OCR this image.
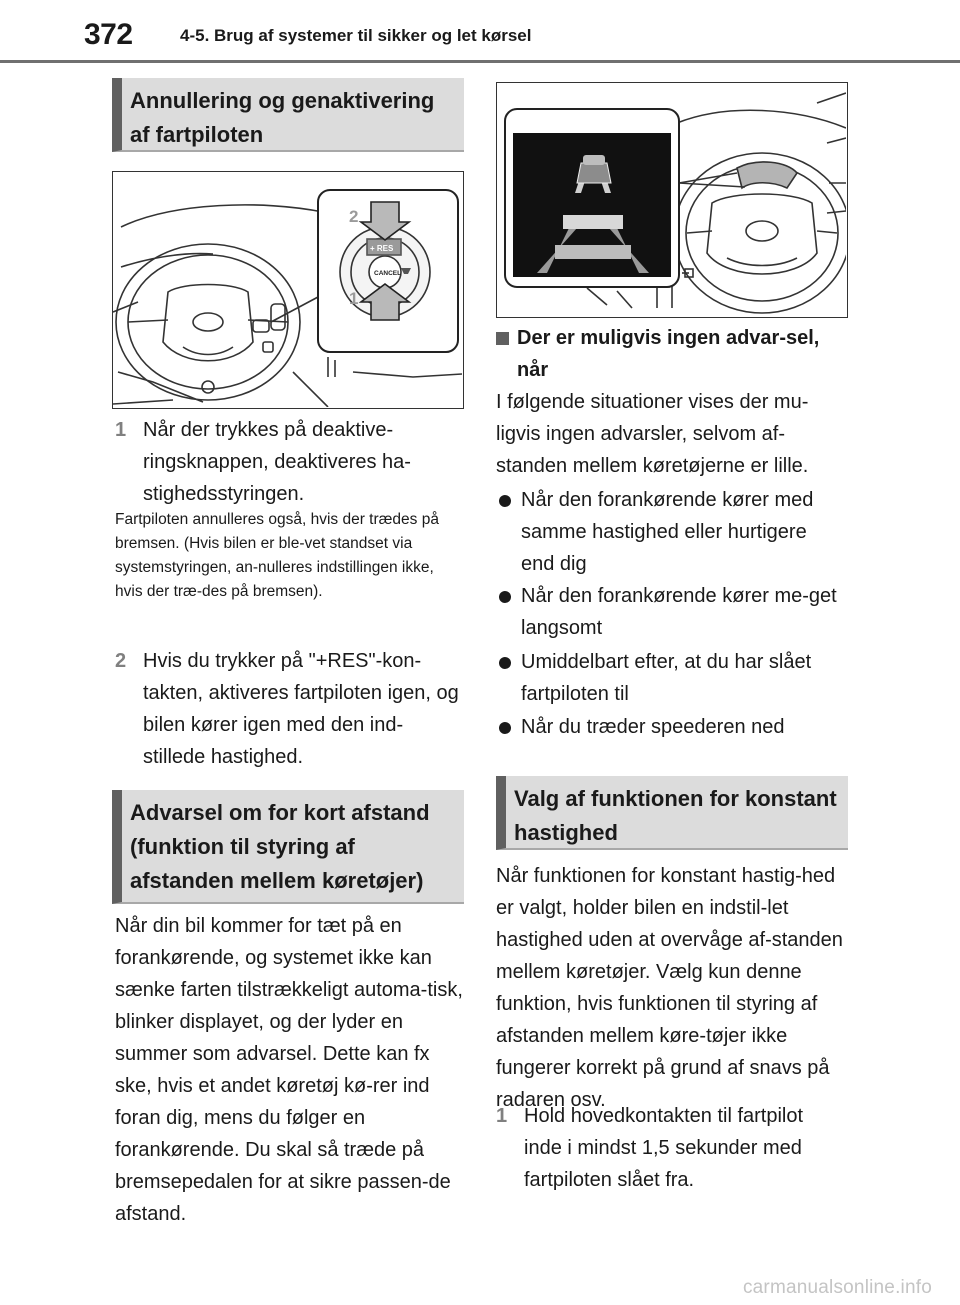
372	4-5. Brug af systemer til sikker og let kørsel
Annullering og genaktivering af fartpiloten
+ RES
CANCEL
2
1
1 Når der trykkes på deaktive-ringsknappen, deaktiveres ha-stighedsstyringen.
Fartpiloten annulleres også, hvis der trædes på bremsen. (Hvis bilen er ble-vet standset via systemstyringen, an-nulleres indstillingen ikke, hvis der træ-des på bremsen).
2 Hvis du trykker på "+RES"-kon-takten, aktiveres fartpiloten igen, og bilen kører igen med den ind-stillede hastighed.
Advarsel om for kort afstand (funktion til styring af afstanden mellem køretøjer)
Når din bil kommer for tæt på en forankørende, og systemet ikke kan sænke farten tilstrækkeligt automa-tisk, blinker displayet, og der lyder en summer som advarsel. Dette kan fx ske, hvis et andet køretøj kø-rer ind foran dig, mens du følger en forankørende. Du skal så træde på bremsepedalen for at sikre passen-de afstand.
Der er muligvis ingen advar-sel, når
I følgende situationer vises der mu-ligvis ingen advarsler, selvom af-standen mellem køretøjerne er lille.
Når den forankørende kører med samme hastighed eller hurtigere end dig
Når den forankørende kører me-get langsomt
Umiddelbart efter, at du har slået fartpiloten til
Når du træder speederen ned
Valg af funktionen for konstant hastighed
Når funktionen for konstant hastig-hed er valgt, holder bilen en indstil-let hastighed uden at overvåge af-standen mellem køretøjer. Vælg kun denne funktion, hvis funktionen til styring af afstanden mellem køre-tøjer ikke fungerer korrekt på grund af snavs på radaren osv.
1 Hold hovedkontakten til fartpilot inde i mindst 1,5 sekunder med fartpiloten slået fra.
carmanualsonline.info
